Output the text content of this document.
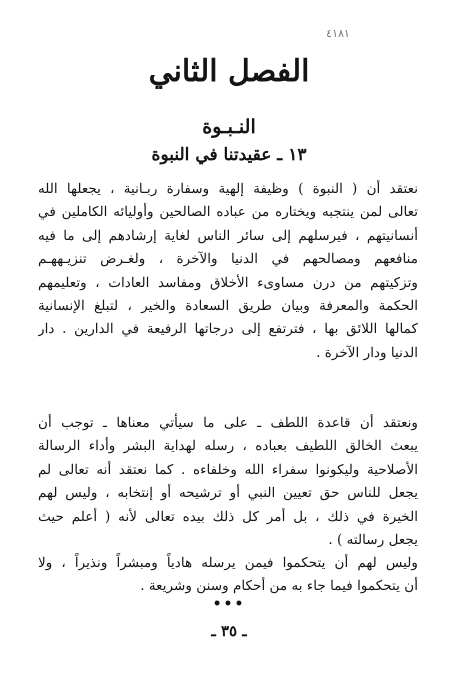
٤١٨١
الفصل الثاني
النـبـوة
١٣ ـ عقيدتنا في النبوة
نعتقد أن ( النبوة ) وظيفة إلهية وسفارة ربـانية ، يجعلها الله
تعالى لمن ينتجبه ويختاره من عباده الصالحين وأوليائه الكاملين في
أنسانيتهم ، فيرسلهم إلى سائر الناس لغاية إرشادهم إلى ما فيه
منافعهم ومصالحهم في الدنيا والآخرة ، ولغـرض تنزيـههـم
وتزكيتهم من درن مساوىء الأخلاق ومفاسد العادات ، وتعليمهم
الحكمة والمعرفة وبيان طريق السعادة والخير ، لتبلغ الإنسانية
كمالها اللائق بها ، فترتفع إلى درجاتها الرفيعة في الدارين . دار
الدنيا ودار الآخرة .
ونعتقد أن قاعدة اللطف ـ على ما سيأتي معناها ـ توجب أن
يبعث الخالق اللطيف بعباده ، رسله لهداية البشر وأداء الرسالة
الأصلاحية وليكونوا سفراء الله وخلفاءه . كما نعتقد أنه تعالى لم
يجعل للناس حق تعيين النبي أو ترشيحه أو إنتخابه ، وليس لهم
الخيرة في ذلك ، بل أمر كل ذلك بيده تعالى لأنه ( أعلم حيث
يجعل رسالته ) .
وليس لهم أن يتحكموا فيمن يرسله هادياً ومبشراً ونذيراً ، ولا
أن يتحكموا فيما جاء به من أحكام وسنن وشريعة .
•••
ـ ٣٥ ـ
